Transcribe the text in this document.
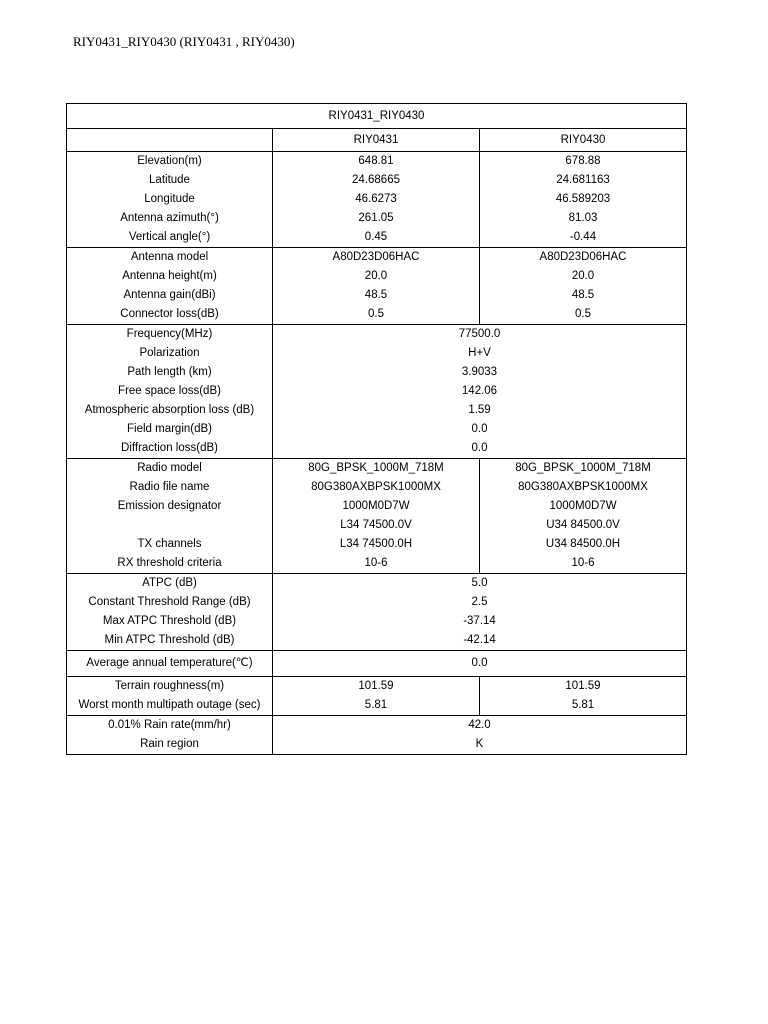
RIY0431_RIY0430 (RIY0431 , RIY0430)
RIY0431_RIY0430		
	RIY0431	RIY0430
Elevation(m)	648.81	678.88
Latitude	24.68665	24.681163
Longitude	46.6273	46.589203
Antenna azimuth(°)	261.05	81.03
Vertical angle(°)	0.45	-0.44
Antenna model	A80D23D06HAC	A80D23D06HAC
Antenna height(m)	20.0	20.0
Antenna gain(dBi)	48.5	48.5
Connector loss(dB)	0.5	0.5
Frequency(MHz)	77500.0	
Polarization	H+V	
Path length (km)	3.9033	
Free space loss(dB)	142.06	
Atmospheric absorption loss (dB)	1.59	
Field margin(dB)	0.0	
Diffraction loss(dB)	0.0	
Radio model	80G_BPSK_1000M_718M	80G_BPSK_1000M_718M
Radio file name	80G380AXBPSK1000MX	80G380AXBPSK1000MX
Emission designator	1000M0D7W	1000M0D7W
	L34 74500.0V	U34 84500.0V
TX channels	L34 74500.0H	U34 84500.0H
RX threshold criteria	10-6	10-6
ATPC (dB)	5.0	
Constant Threshold Range (dB)	2.5	
Max ATPC Threshold (dB)	-37.14	
Min ATPC Threshold (dB)	-42.14	
Average annual temperature(℃)	0.0	
Terrain roughness(m)	101.59	101.59
Worst month multipath outage (sec)	5.81	5.81
0.01% Rain rate(mm/hr)	42.0	
Rain region	K	
